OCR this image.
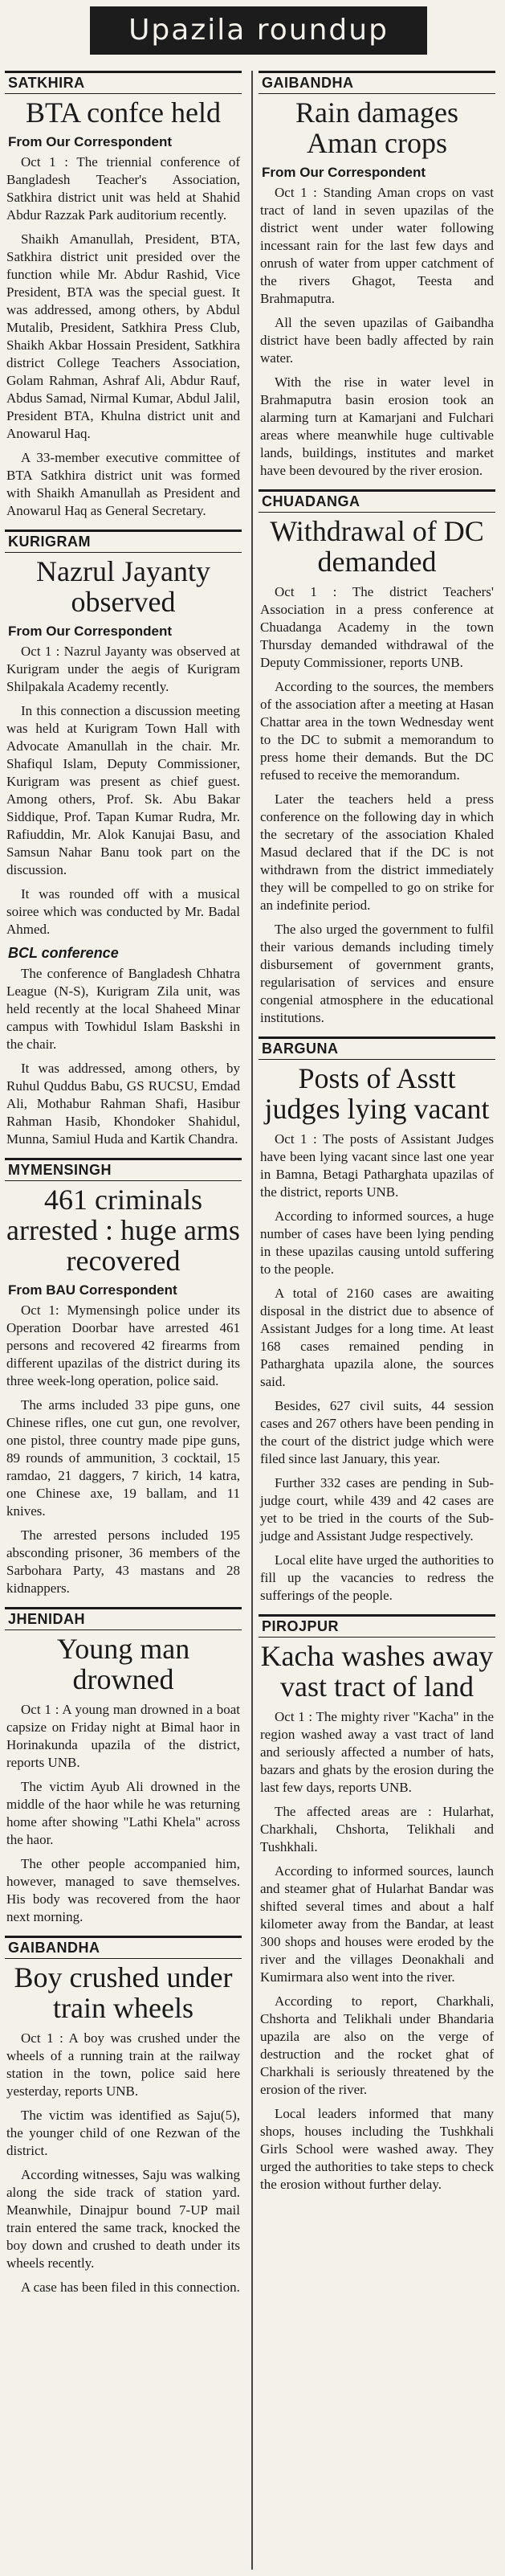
Upazila roundup
SATKHIRA
BTA confce held
From Our Correspondent

Oct 1 : The triennial conference of Bangladesh Teacher's Association, Satkhira district unit was held at Shahid Abdur Razzak Park auditorium recently.

Shaikh Amanullah, President, BTA, Satkhira district unit presided over the function while Mr. Abdur Rashid, Vice President, BTA was the special guest. It was addressed, among others, by Abdul Mutalib, President, Satkhira Press Club, Shaikh Akbar Hossain President, Satkhira district College Teachers Association, Golam Rahman, Ashraf Ali, Abdur Rauf, Abdus Samad, Nirmal Kumar, Abdul Jalil, President BTA, Khulna district unit and Anowarul Haq.

A 33-member executive committee of BTA Satkhira district unit was formed with Shaikh Amanullah as President and Anowarul Haq as General Secretary.

KURIGRAM
Nazrul Jayanty observed
From Our Correspondent

Oct 1 : Nazrul Jayanty was observed at Kurigram under the aegis of Kurigram Shilpakala Academy recently.

In this connection a discussion meeting was held at Kurigram Town Hall with Advocate Amanullah in the chair. Mr. Shafiqul Islam, Deputy Commissioner, Kurigram was present as chief guest. Among others, Prof. Sk. Abu Bakar Siddique, Prof. Tapan Kumar Rudra, Mr. Rafiuddin, Mr. Alok Kanujai Basu, and Samsun Nahar Banu took part on the discussion.

It was rounded off with a musical soiree which was conducted by Mr. Badal Ahmed.

BCL conference

The conference of Bangladesh Chhatra League (N-S), Kurigram Zila unit, was held recently at the local Shaheed Minar campus with Towhidul Islam Baskshi in the chair.

It was addressed, among others, by Ruhul Quddus Babu, GS RUCSU, Emdad Ali, Mothabur Rahman Shafi, Hasibur Rahman Hasib, Khondoker Shahidul, Munna, Samiul Huda and Kartik Chandra.

MYMENSINGH
461 criminals arrested : huge arms recovered
From BAU Correspondent

Oct 1: Mymensingh police under its Operation Doorbar have arrested 461 persons and recovered 42 firearms from different upazilas of the district during its three week-long operation, police said.

The arms included 33 pipe guns, one Chinese rifles, one cut gun, one revolver, one pistol, three country made pipe guns, 89 rounds of ammunition, 3 cocktail, 15 ramdao, 21 daggers, 7 kirich, 14 katra, one Chinese axe, 19 ballam, and 11 knives.

The arrested persons included 195 absconding prisoner, 36 members of the Sarbohara Party, 43 mastans and 28 kidnappers.

JHENIDAH
Young man drowned

Oct 1 : A young man drowned in a boat capsize on Friday night at Bimal haor in Horinakunda upazila of the district, reports UNB.

The victim Ayub Ali drowned in the middle of the haor while he was returning home after showing "Lathi Khela" across the haor.

The other people accompanied him, however, managed to save themselves. His body was recovered from the haor next morning.

GAIBANDHA
Boy crushed under train wheels

Oct 1 : A boy was crushed under the wheels of a running train at the railway station in the town, police said here yesterday, reports UNB.

The victim was identified as Saju(5), the younger child of one Rezwan of the district.

According witnesses, Saju was walking along the side track of station yard. Meanwhile, Dinajpur bound 7-UP mail train entered the same track, knocked the boy down and crushed to death under its wheels recently.

A case has been filed in this connection.

GAIBANDHA
Rain damages Aman crops
From Our Correspondent

Oct 1 : Standing Aman crops on vast tract of land in seven upazilas of the district went under water following incessant rain for the last few days and onrush of water from upper catchment of the rivers Ghagot, Teesta and Brahmaputra.

All the seven upazilas of Gaibandha district have been badly affected by rain water.

With the rise in water level in Brahmaputra basin erosion took an alarming turn at Kamarjani and Fulchari areas where meanwhile huge cultivable lands, buildings, institutes and market have been devoured by the river erosion.

CHUADANGA
Withdrawal of DC demanded

Oct 1 : The district Teachers' Association in a press conference at Chuadanga Academy in the town Thursday demanded withdrawal of the Deputy Commissioner, reports UNB.

According to the sources, the members of the association after a meeting at Hasan Chattar area in the town Wednesday went to the DC to submit a memorandum to press home their demands. But the DC refused to receive the memorandum.

Later the teachers held a press conference on the following day in which the secretary of the association Khaled Masud declared that if the DC is not withdrawn from the district immediately they will be compelled to go on strike for an indefinite period.

The also urged the government to fulfil their various demands including timely disbursement of government grants, regularisation of services and ensure congenial atmosphere in the educational institutions.

BARGUNA
Posts of Asstt judges lying vacant

Oct 1 : The posts of Assistant Judges have been lying vacant since last one year in Bamna, Betagi Patharghata upazilas of the district, reports UNB.

According to informed sources, a huge number of cases have been lying pending in these upazilas causing untold suffering to the people.

A total of 2160 cases are awaiting disposal in the district due to absence of Assistant Judges for a long time. At least 168 cases remained pending in Patharghata upazila alone, the sources said.

Besides, 627 civil suits, 44 session cases and 267 others have been pending in the court of the district judge which were filed since last January, this year.

Further 332 cases are pending in Sub-judge court, while 439 and 42 cases are yet to be tried in the courts of the Sub-judge and Assistant Judge respectively.

Local elite have urged the authorities to fill up the vacancies to redress the sufferings of the people.

PIROJPUR
Kacha washes away vast tract of land

Oct 1 : The mighty river "Kacha" in the region washed away a vast tract of land and seriously affected a number of hats, bazars and ghats by the erosion during the last few days, reports UNB.

The affected areas are : Hularhat, Charkhali, Chshorta, Telikhali and Tushkhali.

According to informed sources, launch and steamer ghat of Hularhat Bandar was shifted several times and about a half kilometer away from the Bandar, at least 300 shops and houses were eroded by the river and the villages Deonakhali and Kumirmara also went into the river.

According to report, Charkhali, Chshorta and Telikhali under Bhandaria upazila are also on the verge of destruction and the rocket ghat of Charkhali is seriously threatened by the erosion of the river.

Local leaders informed that many shops, houses including the Tushkhali Girls School were washed away. They urged the authorities to take steps to check the erosion without further delay.
